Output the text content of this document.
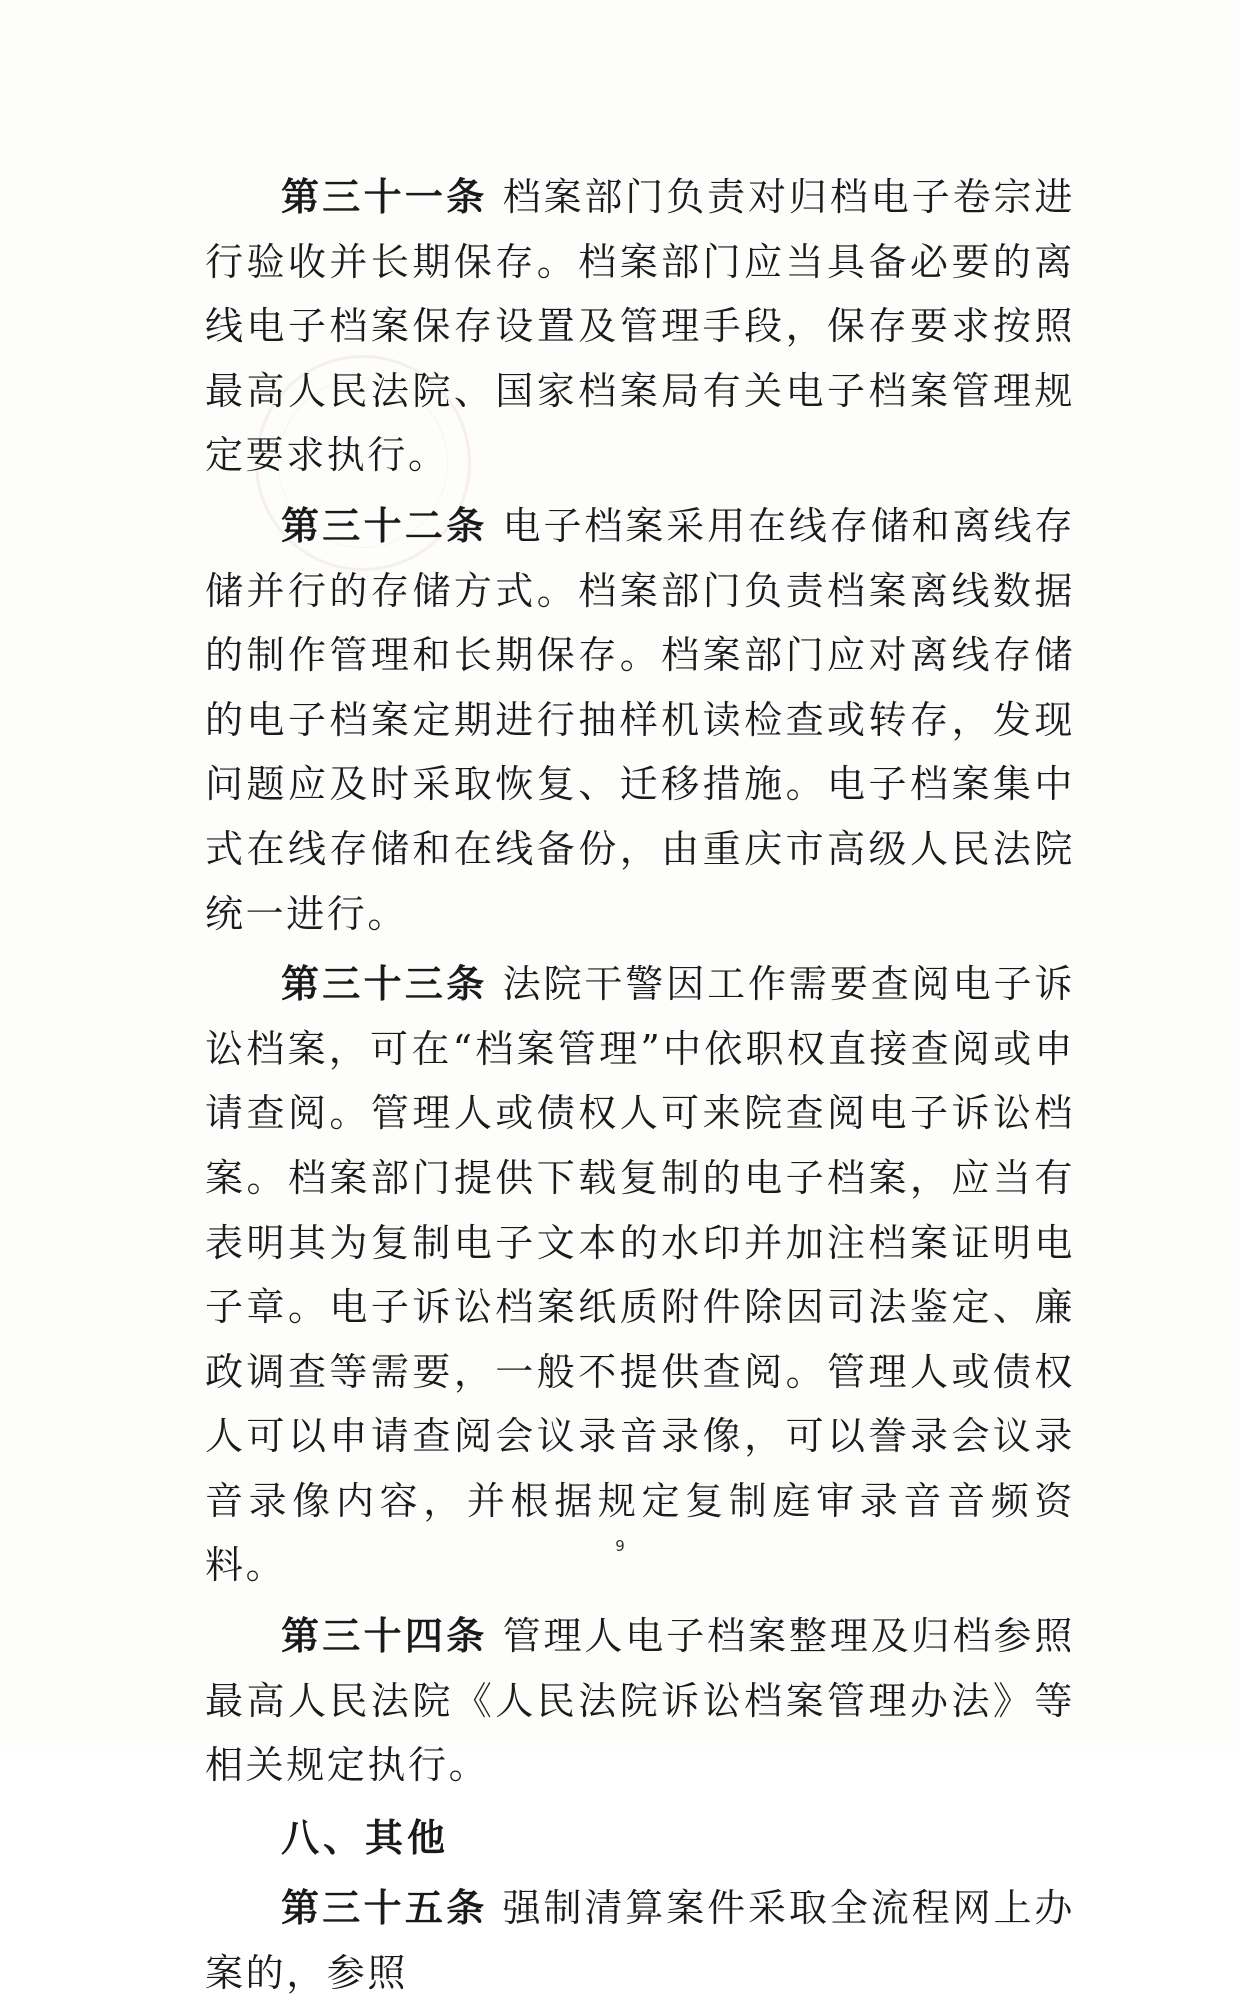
第三十一条 档案部门负责对归档电子卷宗进行验收并长期保存。档案部门应当具备必要的离线电子档案保存设置及管理手段，保存要求按照最高人民法院、国家档案局有关电子档案管理规定要求执行。

第三十二条 电子档案采用在线存储和离线存储并行的存储方式。档案部门负责档案离线数据的制作管理和长期保存。档案部门应对离线存储的电子档案定期进行抽样机读检查或转存，发现问题应及时采取恢复、迁移措施。电子档案集中式在线存储和在线备份，由重庆市高级人民法院统一进行。

第三十三条 法院干警因工作需要查阅电子诉讼档案，可在“档案管理”中依职权直接查阅或申请查阅。管理人或债权人可来院查阅电子诉讼档案。档案部门提供下载复制的电子档案，应当有表明其为复制电子文本的水印并加注档案证明电子章。电子诉讼档案纸质附件除因司法鉴定、廉政调查等需要，一般不提供查阅。管理人或债权人可以申请查阅会议录音录像，可以誊录会议录音录像内容，并根据规定复制庭审录音音频资料。

第三十四条 管理人电子档案整理及归档参照最高人民法院《人民法院诉讼档案管理办法》等相关规定执行。

八、其他

第三十五条 强制清算案件采取全流程网上办案的，参照

9
